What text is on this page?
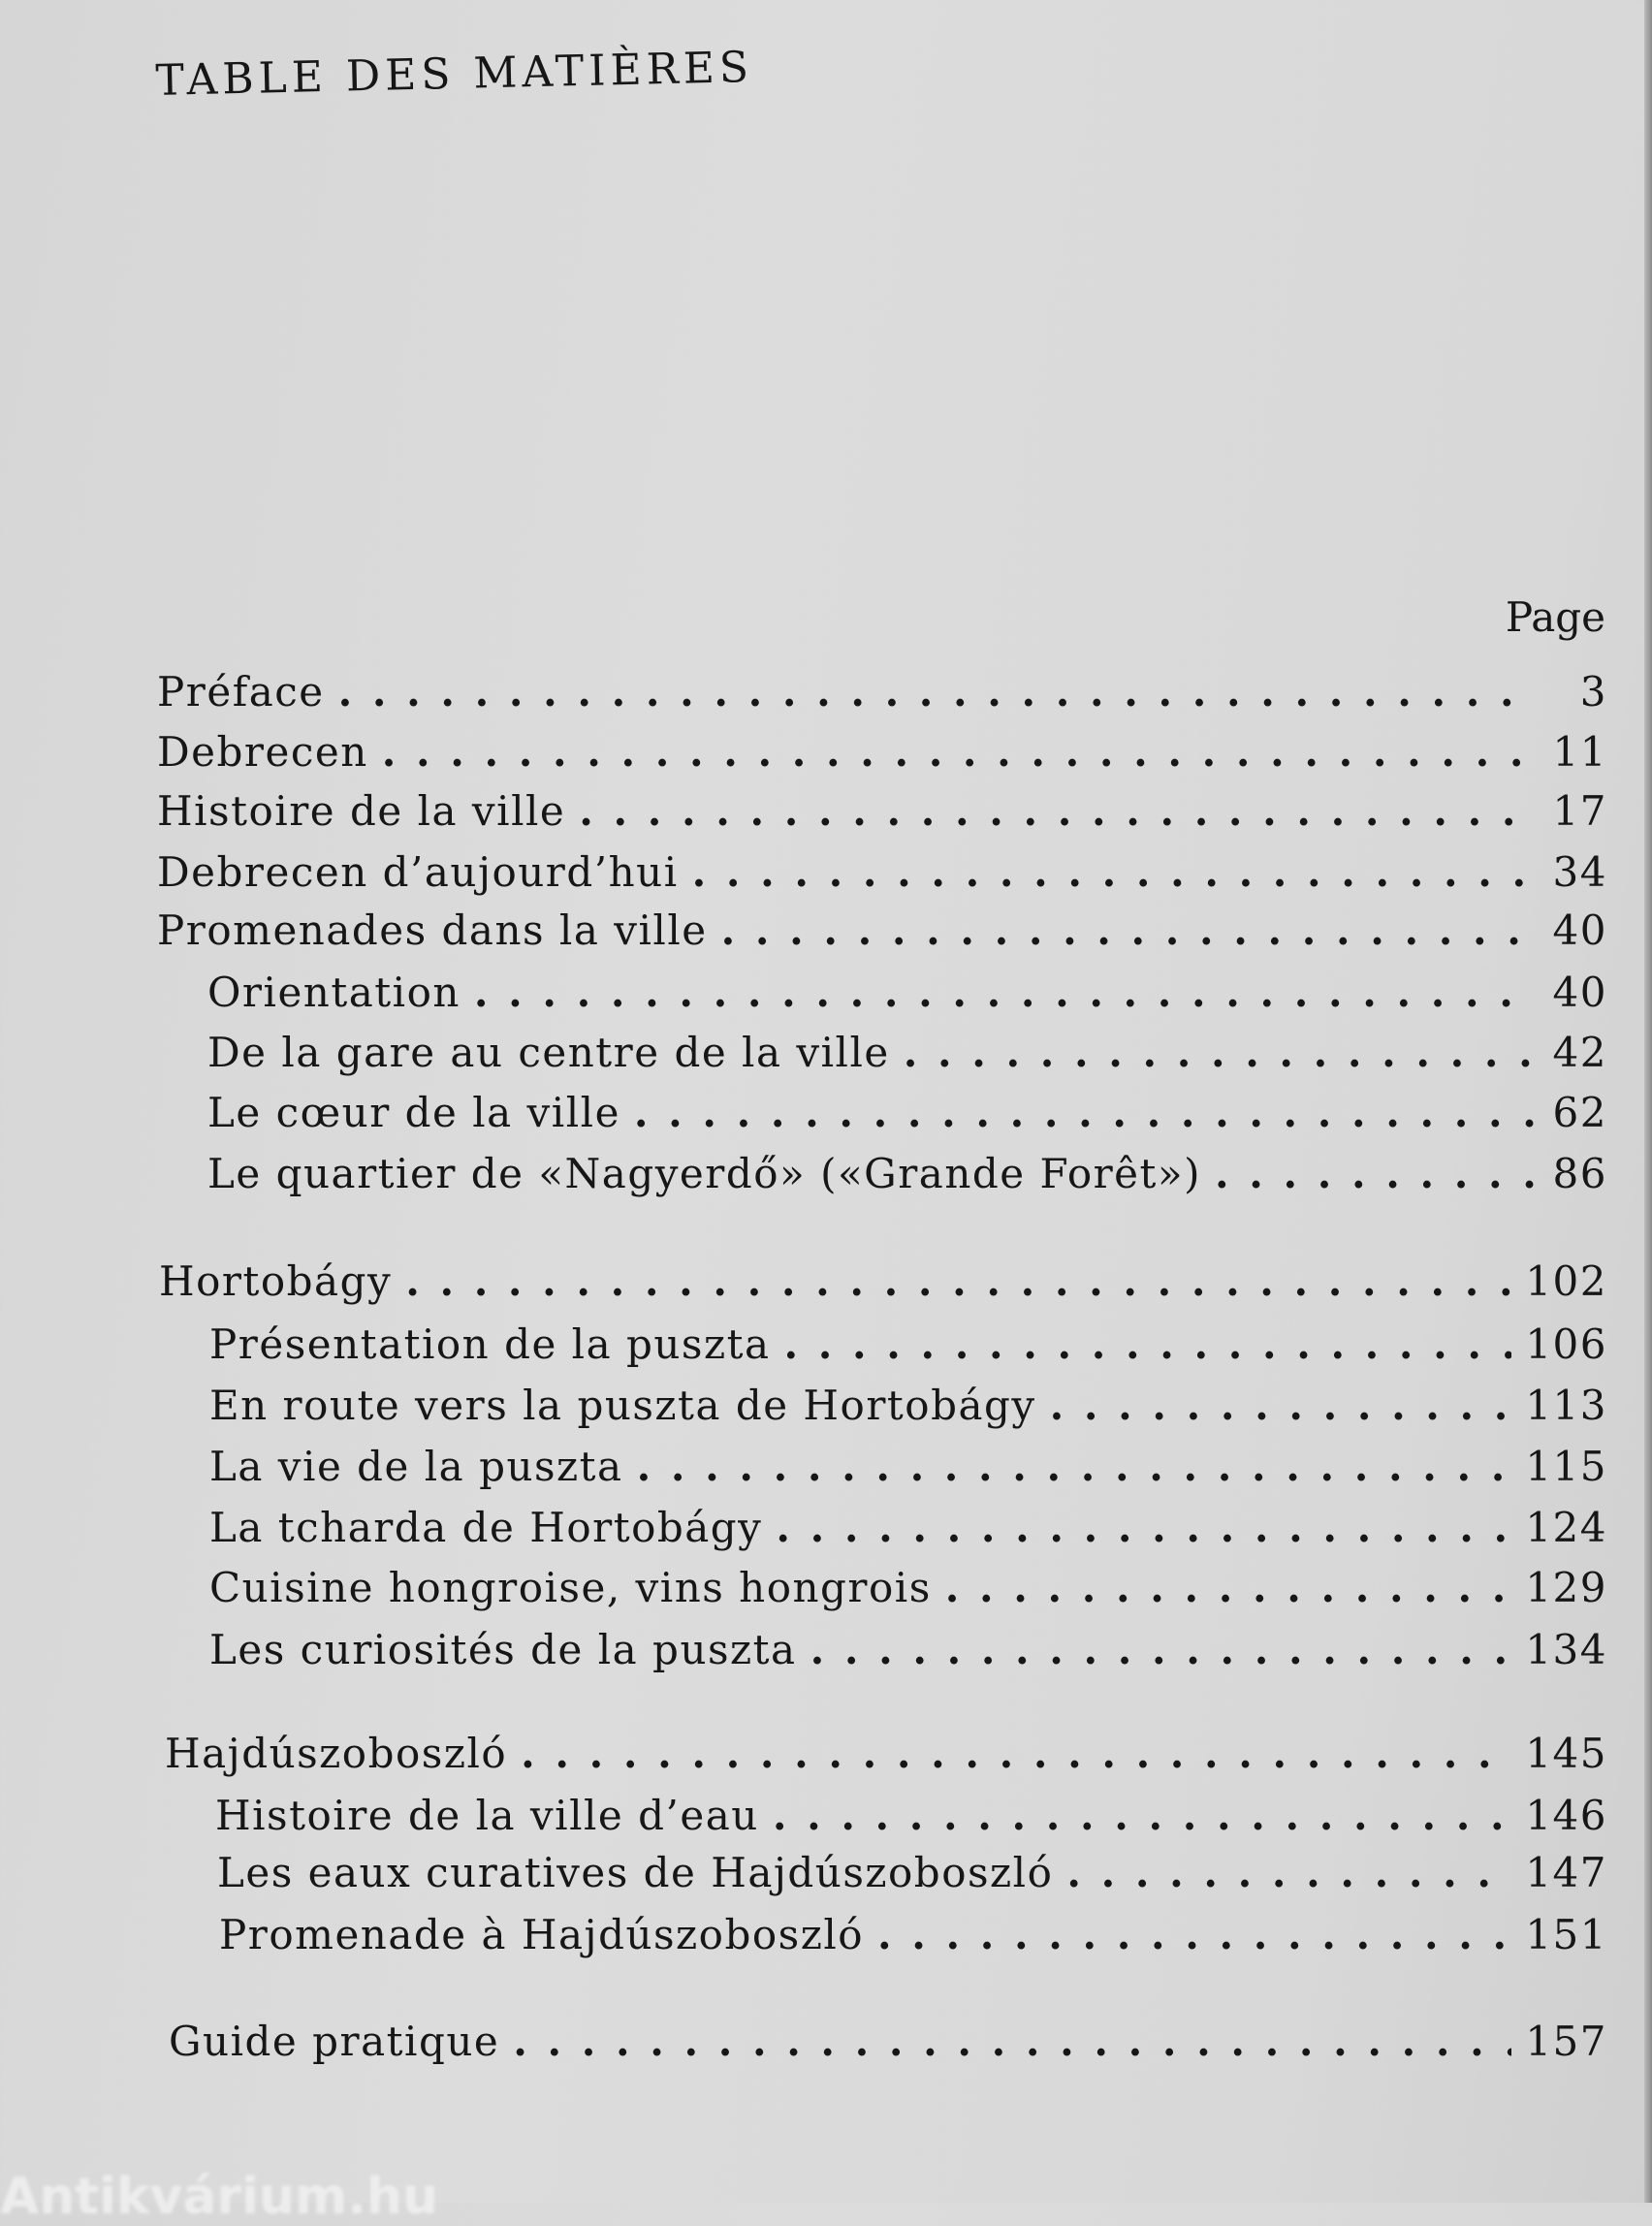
TABLE DES MATIÈRES
Page
Préface . . .	3
Debrecen . . .	11
Histoire de la ville . . .	17
Debrecen d’aujourd’hui . . .	34
Promenades dans la ville . . .	40
Orientation . . .	40
De la gare au centre de la ville . . .	42
Le cœur de la ville . . .	62
Le quartier de «Nagyerdő» («Grande Forêt») . . .	86
Hortobágy . . .	102
Présentation de la puszta . . .	106
En route vers la puszta de Hortobágy . . .	113
La vie de la puszta . . .	115
La tcharda de Hortobágy . . .	124
Cuisine hongroise, vins hongrois . . .	129
Les curiosités de la puszta . . .	134
Hajdúszoboszló . . .	145
Histoire de la ville d’eau . . .	146
Les eaux curatives de Hajdúszoboszló . . .	147
Promenade à Hajdúszoboszló . . .	151
Guide pratique . . .	157
Antikvárium.hu
